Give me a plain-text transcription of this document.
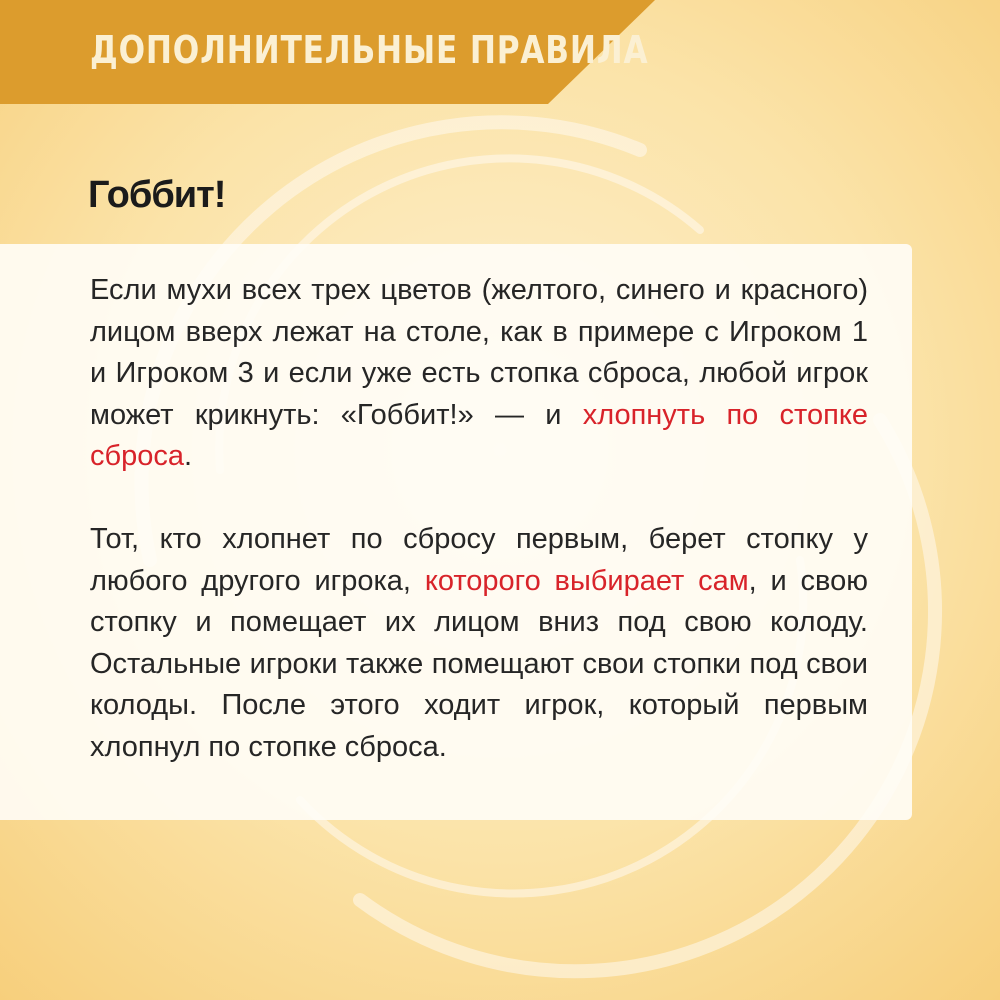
ДОПОЛНИТЕЛЬНЫЕ ПРАВИЛА
Гоббит!

Если мухи всех трех цветов (желтого, синего и красного) лицом вверх лежат на столе, как в примере с Игроком 1 и Игроком 3 и если уже есть стопка сброса, любой игрок может крикнуть: «Гоббит!» — и хлопнуть по стопке сброса.

Тот, кто хлопнет по сбросу первым, берет стопку у любого другого игрока, которого выбирает сам, и свою стопку и помещает их лицом вниз под свою колоду. Остальные игроки также помещают свои стопки под свои колоды. После этого ходит игрок, который первым хлопнул по стопке сброса.
